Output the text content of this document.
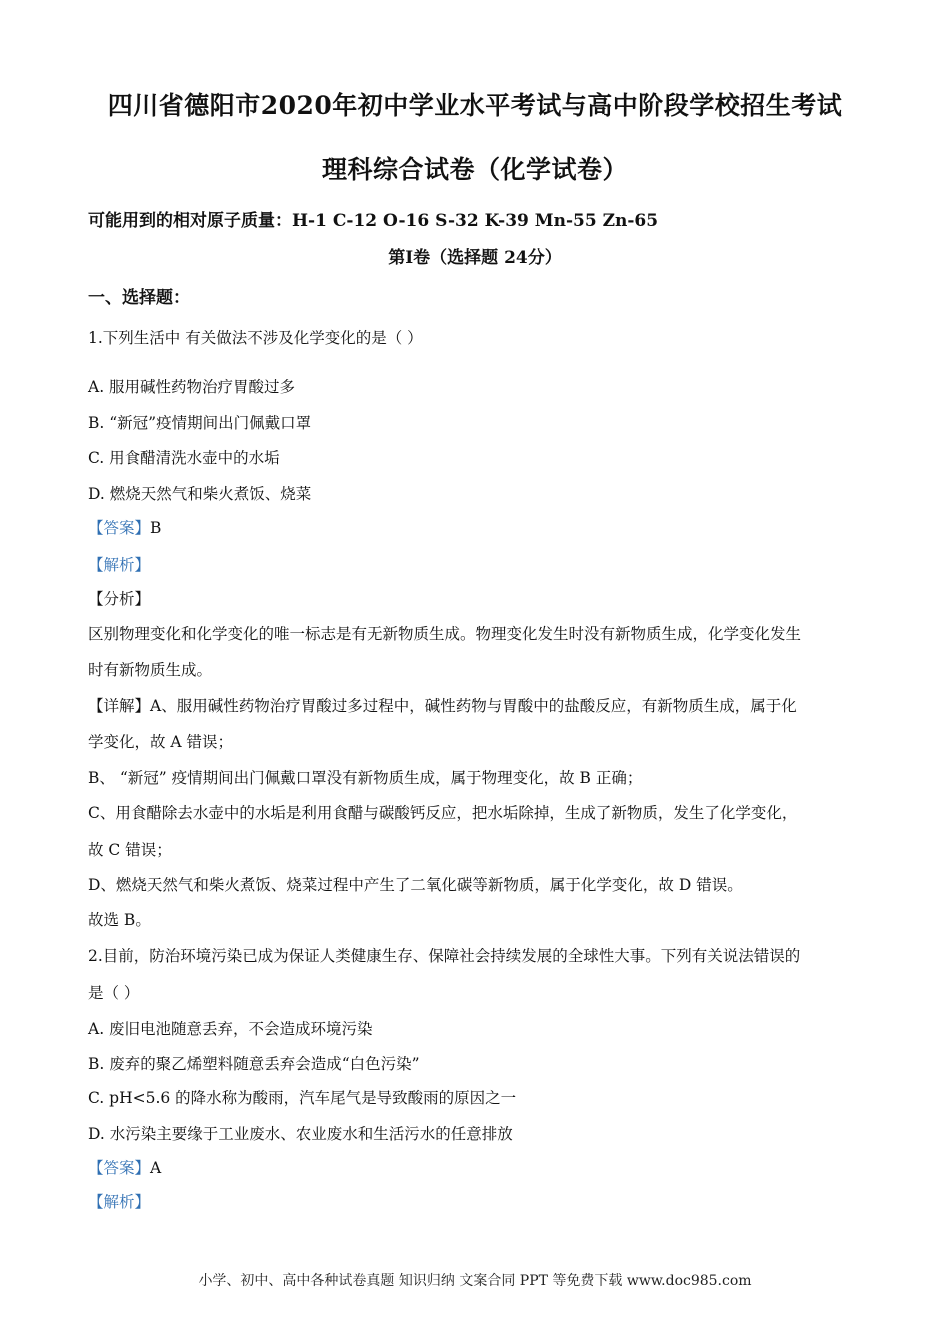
四川省德阳市2020年初中学业水平考试与高中阶段学校招生考试
理科综合试卷（化学试卷）
可能用到的相对原子质量：H-1 C-12 O-16 S-32 K-39 Mn-55 Zn-65
第Ⅰ卷（选择题 24分）
一、选择题：
1.下列生活中 有关做法不涉及化学变化的是（ ）
A. 服用碱性药物治疗胃酸过多
B. “新冠”疫情期间出门佩戴口罩
C. 用食醋清洗水壶中的水垢
D. 燃烧天然气和柴火煮饭、烧菜
【答案】B
【解析】
【分析】
区别物理变化和化学变化的唯一标志是有无新物质生成。物理变化发生时没有新物质生成，化学变化发生
时有新物质生成。
【详解】A、服用碱性药物治疗胃酸过多过程中，碱性药物与胃酸中的盐酸反应，有新物质生成，属于化
学变化，故 A 错误；
B、 “新冠” 疫情期间出门佩戴口罩没有新物质生成，属于物理变化，故 B 正确；
C、用食醋除去水壶中的水垢是利用食醋与碳酸钙反应，把水垢除掉，生成了新物质，发生了化学变化，
故 C 错误；
D、燃烧天然气和柴火煮饭、烧菜过程中产生了二氧化碳等新物质，属于化学变化，故 D 错误。
故选 B。
2.目前，防治环境污染已成为保证人类健康生存、保障社会持续发展的全球性大事。下列有关说法错误的
是（ ）
A. 废旧电池随意丢弃，不会造成环境污染
B. 废弃的聚乙烯塑料随意丢弃会造成“白色污染”
C. pH<5.6 的降水称为酸雨，汽车尾气是导致酸雨的原因之一
D. 水污染主要缘于工业废水、农业废水和生活污水的任意排放
【答案】A
【解析】
小学、初中、高中各种试卷真题 知识归纳 文案合同 PPT 等免费下载 www.doc985.com
